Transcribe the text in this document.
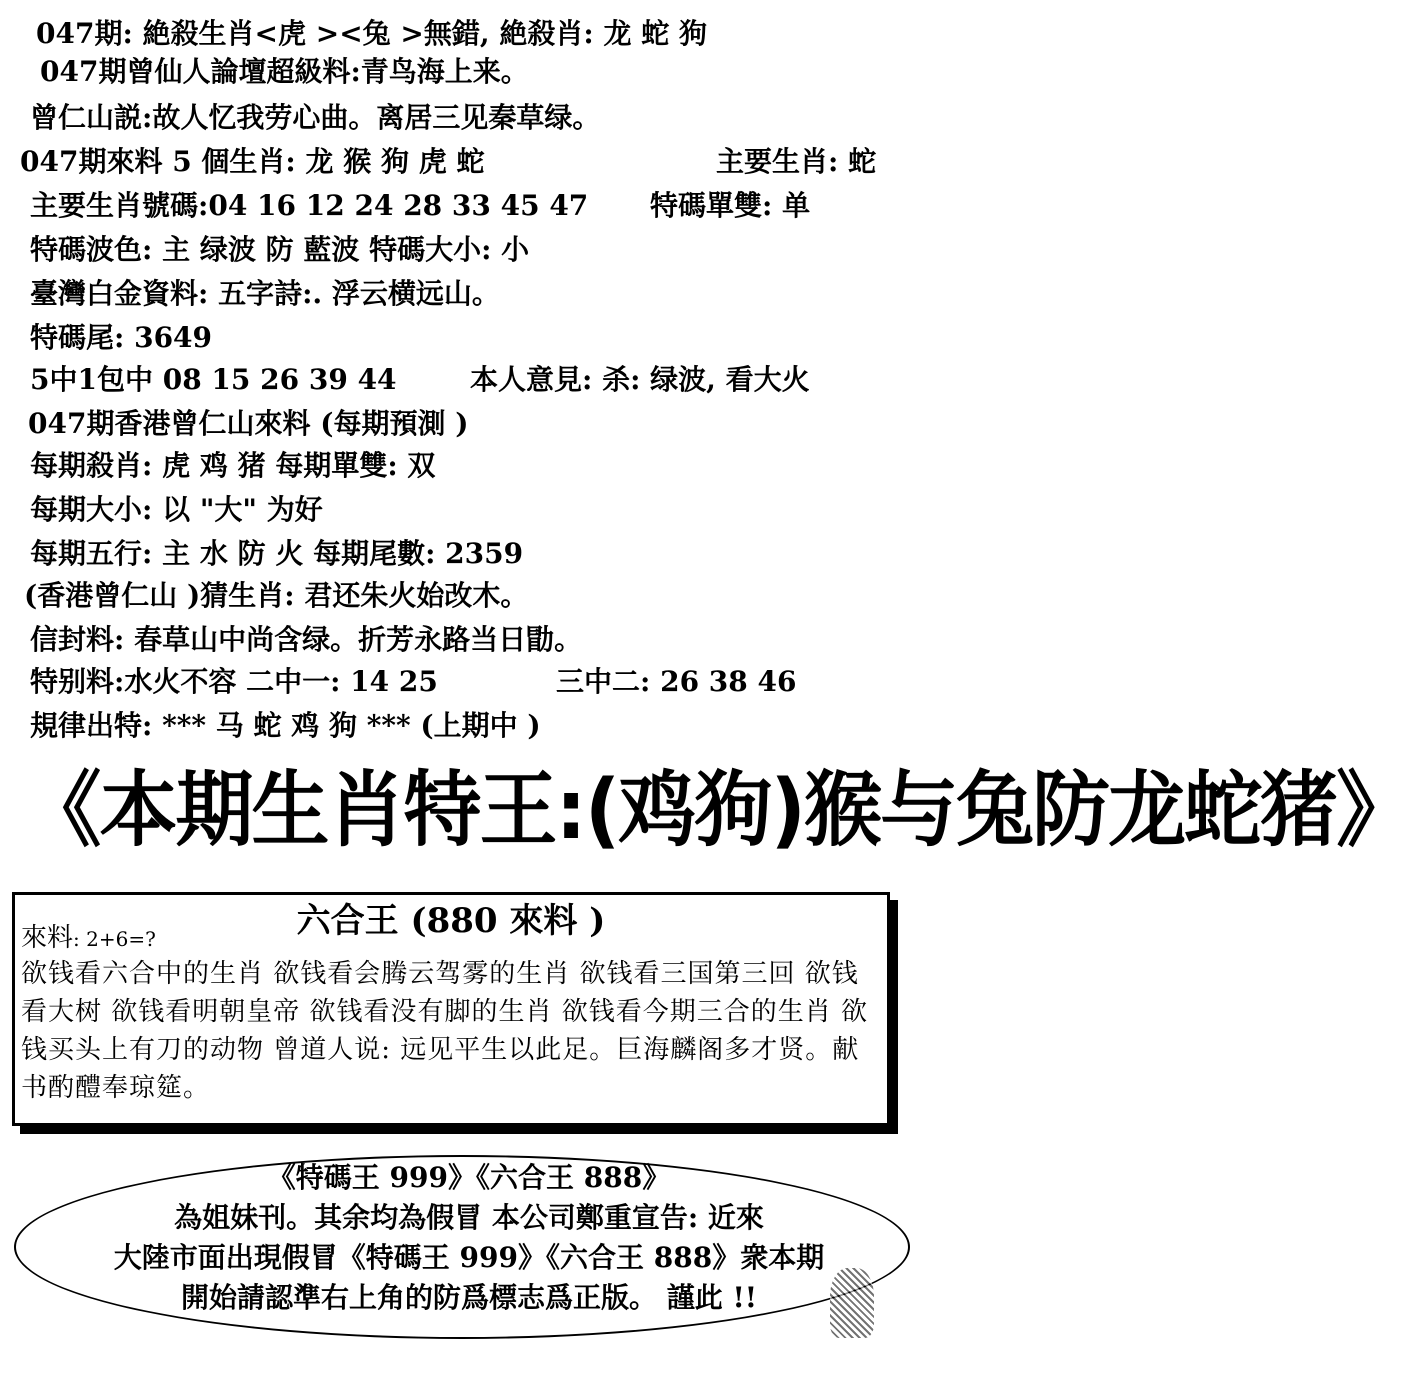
047期: 絶殺生肖<虎 ><兔 >無錯, 絶殺肖: 龙 蛇 狗
047期曾仙人論壇超級料:青鸟海上来。
曾仁山説:故人忆我劳心曲。离居三见秦草绿。
047期來料 5 個生肖: 龙 猴 狗 虎 蛇	主要生肖: 蛇
主要生肖號碼:04 16 12 24 28 33 45 47 特碼單雙: 单
特碼波色: 主 绿波 防 藍波 特碼大小: 小
臺灣白金資料: 五字詩:. 浮云横远山。
特碼尾: 3649
5中1包中 08 15 26 39 44	本人意見: 杀: 绿波, 看大火
047期香港曾仁山來料 (每期預測 )
每期殺肖: 虎 鸡 猪 每期單雙: 双
每期大小: 以 "大" 为好
每期五行: 主 水 防 火 每期尾數: 2359
(香港曾仁山 )猜生肖: 君还朱火始改木。
信封料: 春草山中尚含绿。折芳永路当日勖。
特别料:水火不容 二中一: 14 25	三中二: 26 38 46
規律出特: *** 马 蛇 鸡 狗 *** (上期中 )
《本期生肖特王:(鸡狗)猴与兔防龙蛇猪》
六合王 (880 來料 )
來料: 2+6=?
欲钱看六合中的生肖 欲钱看会腾云驾雾的生肖 欲钱看三国第三回 欲钱看大树 欲钱看明朝皇帝 欲钱看没有脚的生肖 欲钱看今期三合的生肖 欲钱买头上有刀的动物 曾道人说: 远见平生以此足。巨海麟阁多才贤。献书酌醴奉琼筵。
《特碼王 999》《六合王 888》
為姐妹刊。其余均為假冒 本公司鄭重宣告: 近來
大陸市面出現假冒《特碼王 999》《六合王 888》衆本期
開始請認準右上角的防爲標志爲正版。 謹此 !!
